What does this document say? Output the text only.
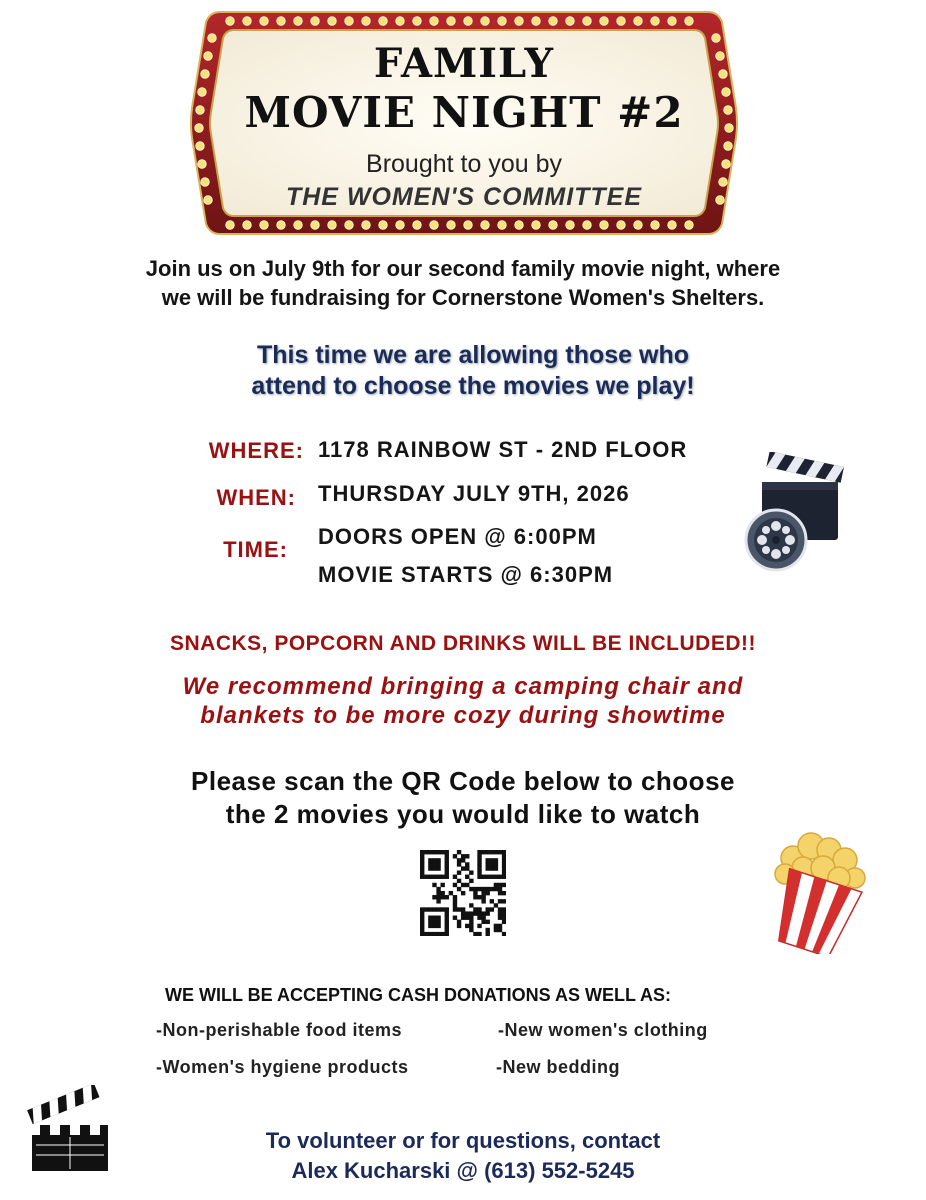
FAMILY
MOVIE NIGHT #2
Brought to you by
THE WOMEN'S COMMITTEE
Join us on July 9th for our second family movie night, where
we will be fundraising for Cornerstone Women's Shelters.
This time we are allowing those who
attend to choose the movies we play!
WHERE: 1178 RAINBOW ST - 2ND FLOOR
WHEN: THURSDAY JULY 9TH, 2026
TIME:
DOORS OPEN @ 6:00PM
MOVIE STARTS @ 6:30PM
SNACKS, POPCORN AND DRINKS WILL BE INCLUDED!!
We recommend bringing a camping chair and
blankets to be more cozy during showtime
Please scan the QR Code below to choose
the 2 movies you would like to watch
WE WILL BE ACCEPTING CASH DONATIONS AS WELL AS:
-Non-perishable food items	-New women's clothing
-Women's hygiene products	-New bedding
To volunteer or for questions, contact
Alex Kucharski @ (613) 552-5245
